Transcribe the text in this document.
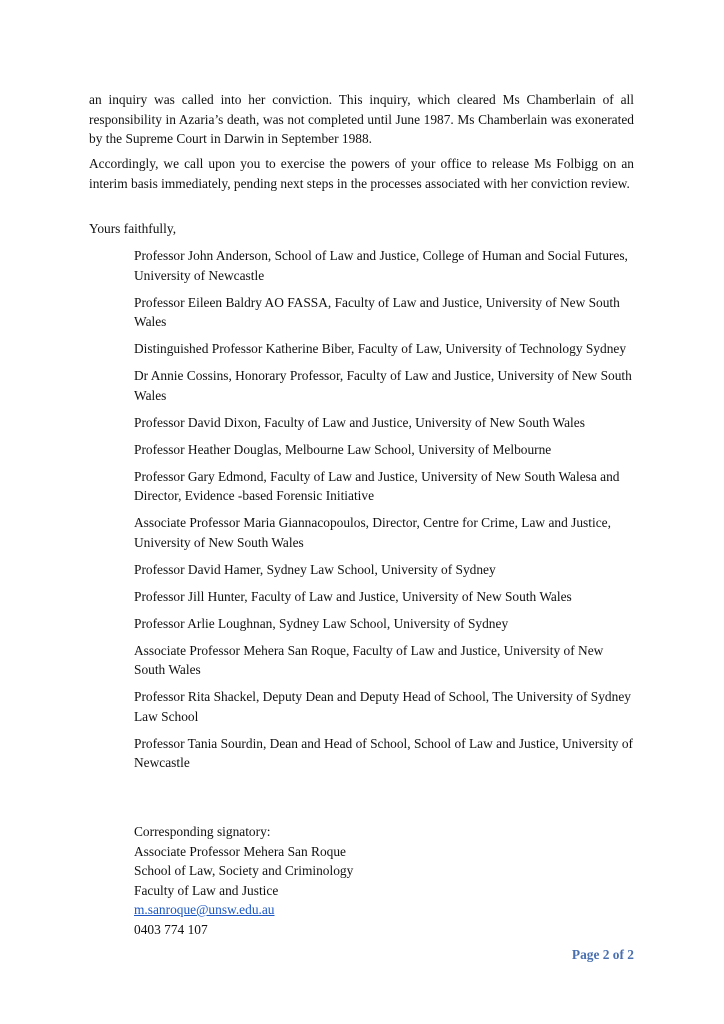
an inquiry was called into her conviction. This inquiry, which cleared Ms Chamberlain of all responsibility in Azaria’s death, was not completed until June 1987. Ms Chamberlain was exonerated by the Supreme Court in Darwin in September 1988.

Accordingly, we call upon you to exercise the powers of your office to release Ms Folbigg on an interim basis immediately, pending next steps in the processes associated with her conviction review.

Yours faithfully,

Professor John Anderson, School of Law and Justice, College of Human and Social Futures, University of Newcastle
Professor Eileen Baldry AO FASSA, Faculty of Law and Justice, University of New South Wales
Distinguished Professor Katherine Biber, Faculty of Law, University of Technology Sydney
Dr Annie Cossins, Honorary Professor, Faculty of Law and Justice, University of New South Wales
Professor David Dixon, Faculty of Law and Justice, University of New South Wales
Professor Heather Douglas, Melbourne Law School, University of Melbourne
Professor Gary Edmond, Faculty of Law and Justice, University of New South Walesa and Director, Evidence -based Forensic Initiative
Associate Professor Maria Giannacopoulos, Director, Centre for Crime, Law and Justice, University of New South Wales
Professor David Hamer, Sydney Law School, University of Sydney
Professor Jill Hunter, Faculty of Law and Justice, University of New South Wales
Professor Arlie Loughnan, Sydney Law School, University of Sydney
Associate Professor Mehera San Roque, Faculty of Law and Justice, University of New South Wales
Professor Rita Shackel, Deputy Dean and Deputy Head of School, The University of Sydney Law School
Professor Tania Sourdin, Dean and Head of School, School of Law and Justice, University of Newcastle
Corresponding signatory:
Associate Professor Mehera San Roque
School of Law, Society and Criminology
Faculty of Law and Justice
m.sanroque@unsw.edu.au
0403 774 107
Page 2 of 2
